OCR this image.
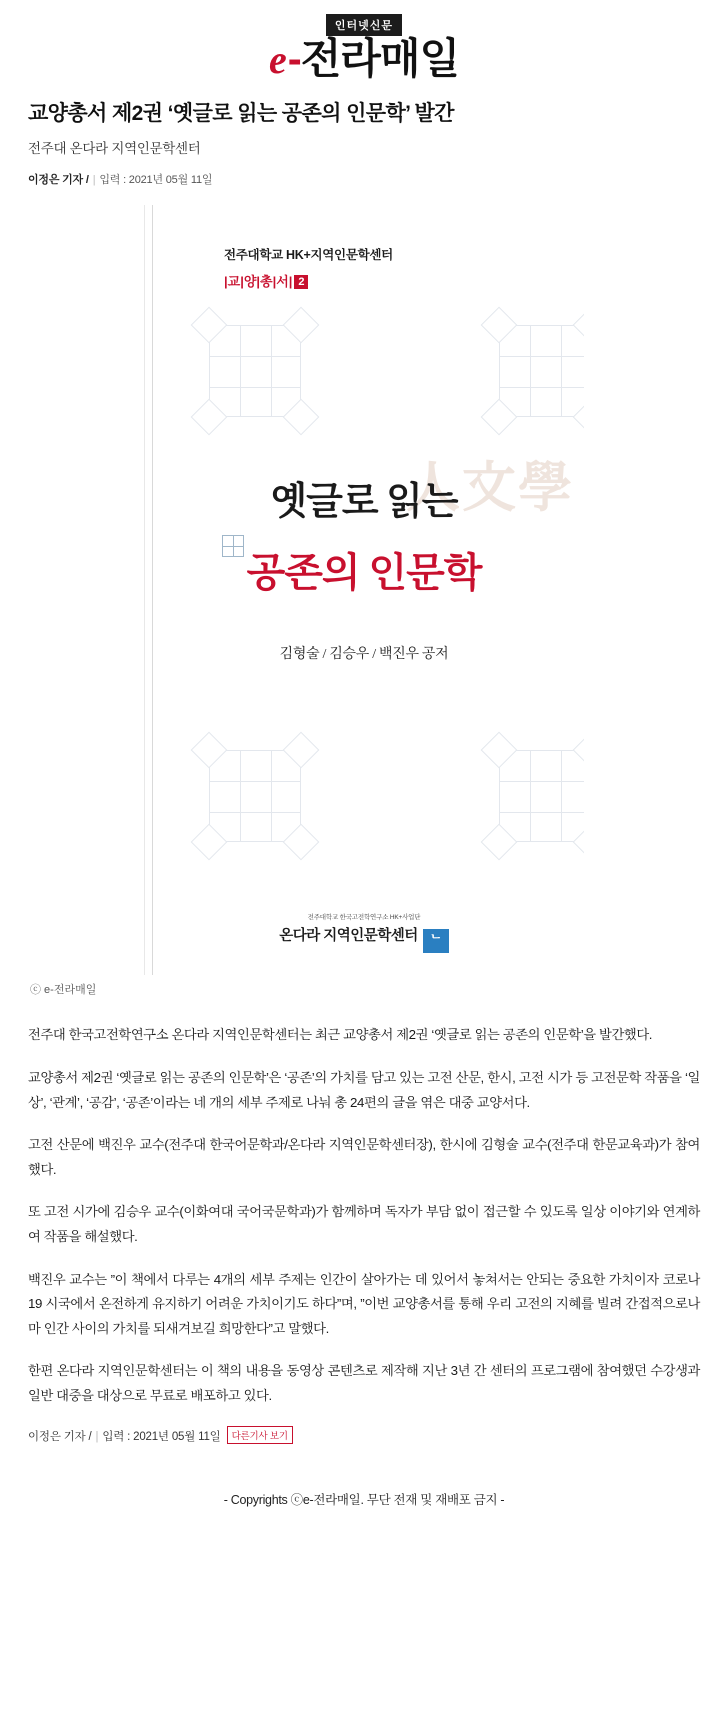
인터넷신문
e-전라매일
교양총서 제2권 ‘옛글로 읽는 공존의 인문학’ 발간
전주대 온다라 지역인문학센터
이정은 기자 / | 입력 : 2021년 05월 11일
전주대학교 HK+지역인문학센터
|교|양|총|서| 2
人文學
옛글로 읽는
공존의 인문학
김형술 / 김승우 / 백진우 공저
전주대학교 한국고전학연구소 HK+사업단
온다라 지역인문학센터 ᄂ
ⓒ e-전라매일

전주대 한국고전학연구소 온다라 지역인문학센터는 최근 교양총서 제2권 ‘옛글로 읽는 공존의 인문학’을 발간했다.

교양총서 제2권 ‘옛글로 읽는 공존의 인문학’은 ‘공존’의 가치를 담고 있는 고전 산문, 한시, 고전 시가 등 고전문학 작품을 ‘일상’, ‘관계’, ‘공감’, ‘공존’이라는 네 개의 세부 주제로 나눠 총 24편의 글을 엮은 대중 교양서다.

고전 산문에 백진우 교수(전주대 한국어문학과/온다라 지역인문학센터장), 한시에 김형술 교수(전주대 한문교육과)가 참여했다.

또 고전 시가에 김승우 교수(이화여대 국어국문학과)가 함께하며 독자가 부담 없이 접근할 수 있도록 일상 이야기와 연계하여 작품을 해설했다.

백진우 교수는 ”이 책에서 다루는 4개의 세부 주제는 인간이 살아가는 데 있어서 놓쳐서는 안되는 중요한 가치이자 코로나19 시국에서 온전하게 유지하기 어려운 가치이기도 하다”며, ”이번 교양총서를 통해 우리 고전의 지혜를 빌려 간접적으로나마 인간 사이의 가치를 되새겨보길 희망한다”고 말했다.

한편 온다라 지역인문학센터는 이 책의 내용을 동영상 콘텐츠로 제작해 지난 3년 간 센터의 프로그램에 참여했던 수강생과 일반 대중을 대상으로 무료로 배포하고 있다.

이정은 기자 / | 입력 : 2021년 05월 11일 다른기사 보기
- Copyrights ⓒe-전라매일. 무단 전재 및 재배포 금지 -
